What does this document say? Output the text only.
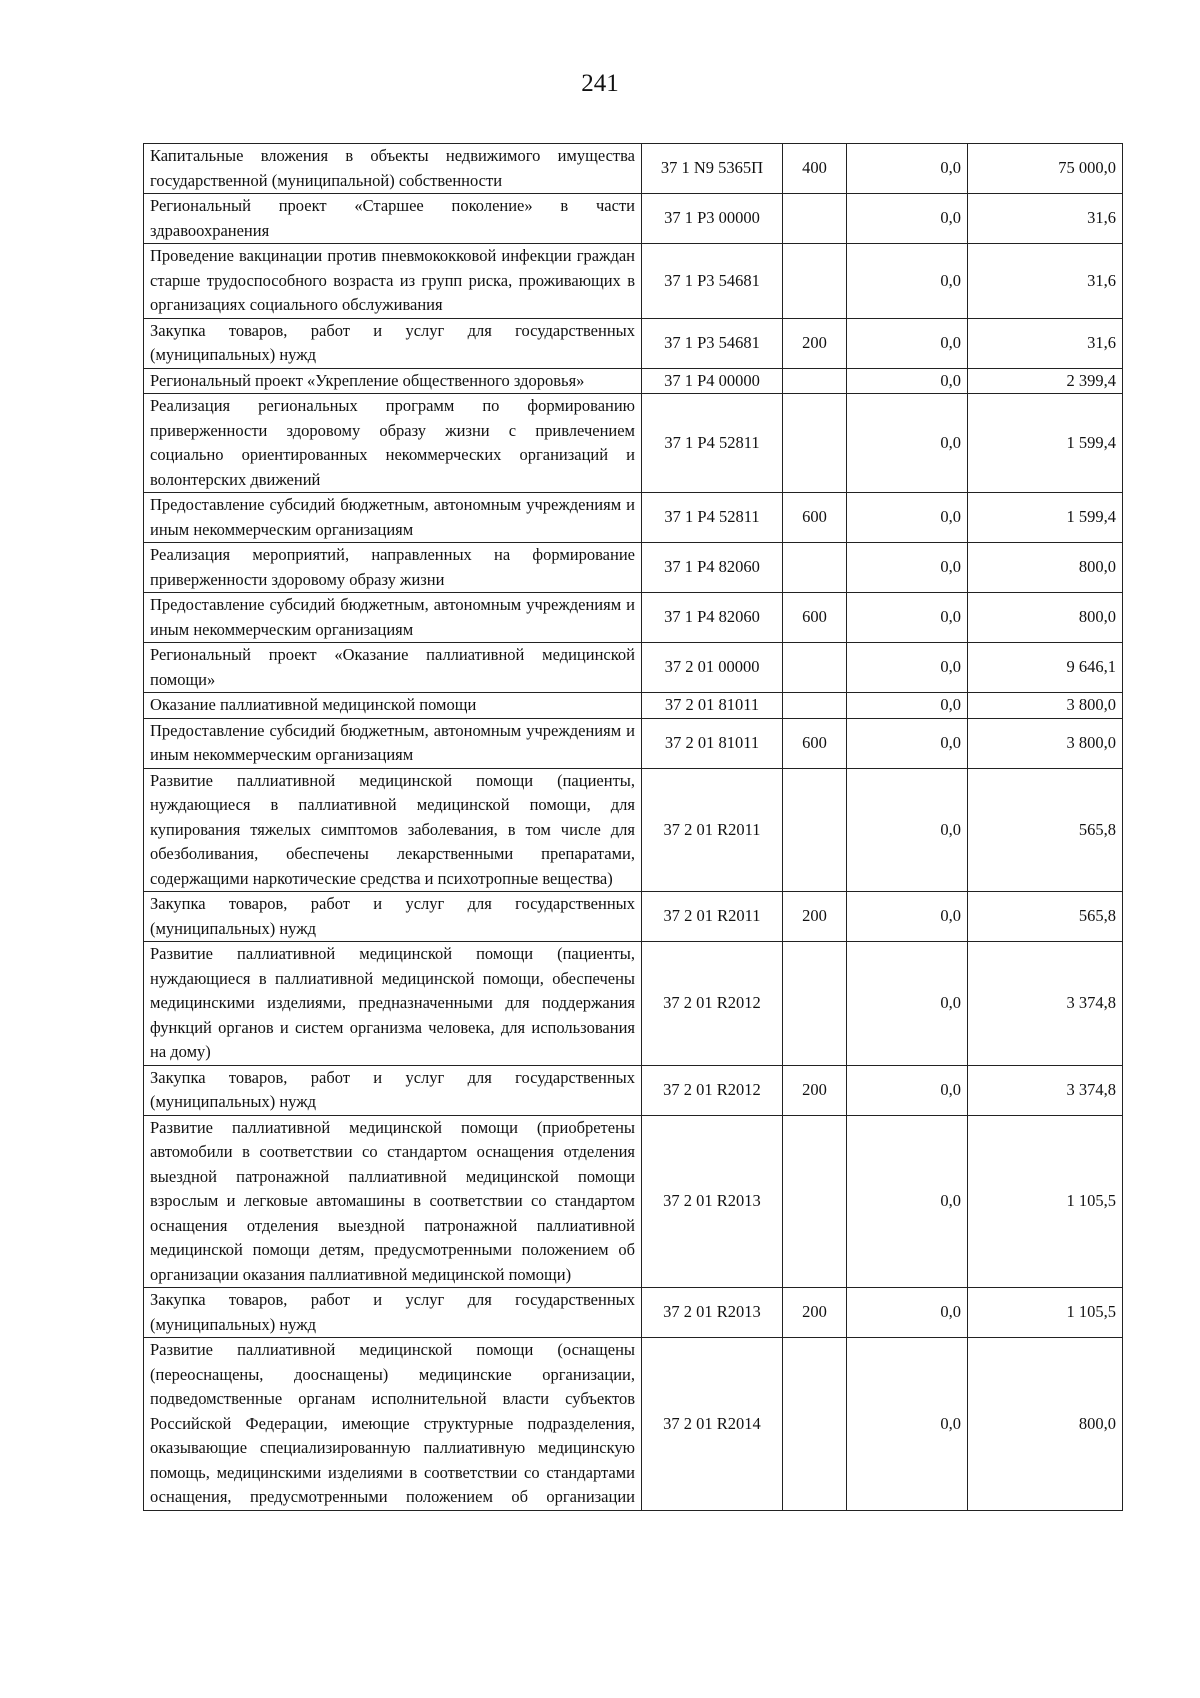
241
Капитальные вложения в объекты недвижимого имущества государственной (муниципальной) собственности	37 1 N9 5365П	400	0,0	75 000,0
Региональный проект «Старшее поколение» в части здравоохранения	37 1 P3 00000		0,0	31,6
Проведение вакцинации против пневмококковой инфекции граждан старше трудоспособного возраста из групп риска, проживающих в организациях социального обслуживания	37 1 P3 54681		0,0	31,6
Закупка товаров, работ и услуг для государственных (муниципальных) нужд	37 1 P3 54681	200	0,0	31,6
Региональный проект «Укрепление общественного здоровья»	37 1 P4 00000		0,0	2 399,4
Реализация региональных программ по формированию приверженности здоровому образу жизни с привлечением социально ориентированных некоммерческих организаций и волонтерских движений	37 1 P4 52811		0,0	1 599,4
Предоставление субсидий бюджетным, автономным учреждениям и иным некоммерческим организациям	37 1 P4 52811	600	0,0	1 599,4
Реализация мероприятий, направленных на формирование приверженности здоровому образу жизни	37 1 P4 82060		0,0	800,0
Предоставление субсидий бюджетным, автономным учреждениям и иным некоммерческим организациям	37 1 P4 82060	600	0,0	800,0
Региональный проект «Оказание паллиативной медицинской помощи»	37 2 01 00000		0,0	9 646,1
Оказание паллиативной медицинской помощи	37 2 01 81011		0,0	3 800,0
Предоставление субсидий бюджетным, автономным учреждениям и иным некоммерческим организациям	37 2 01 81011	600	0,0	3 800,0
Развитие паллиативной медицинской помощи (пациенты, нуждающиеся в паллиативной медицинской помощи, для купирования тяжелых симптомов заболевания, в том числе для обезболивания, обеспечены лекарственными препаратами, содержащими наркотические средства и психотропные вещества)	37 2 01 R2011		0,0	565,8
Закупка товаров, работ и услуг для государственных (муниципальных) нужд	37 2 01 R2011	200	0,0	565,8
Развитие паллиативной медицинской помощи (пациенты, нуждающиеся в паллиативной медицинской помощи, обеспечены медицинскими изделиями, предназначенными для поддержания функций органов и систем организма человека, для использования на дому)	37 2 01 R2012		0,0	3 374,8
Закупка товаров, работ и услуг для государственных (муниципальных) нужд	37 2 01 R2012	200	0,0	3 374,8
Развитие паллиативной медицинской помощи (приобретены автомобили в соответствии со стандартом оснащения отделения выездной патронажной паллиативной медицинской помощи взрослым и легковые автомашины в соответствии со стандартом оснащения отделения выездной патронажной паллиативной медицинской помощи детям, предусмотренными положением об организации оказания паллиативной медицинской помощи)	37 2 01 R2013		0,0	1 105,5
Закупка товаров, работ и услуг для государственных (муниципальных) нужд	37 2 01 R2013	200	0,0	1 105,5
Развитие паллиативной медицинской помощи (оснащены (переоснащены, дооснащены) медицинские организации, подведомственные органам исполнительной власти субъектов Российской Федерации, имеющие структурные подразделения, оказывающие специализированную паллиативную медицинскую помощь, медицинскими изделиями в соответствии со стандартами оснащения, предусмотренными положением об организации	37 2 01 R2014		0,0	800,0
